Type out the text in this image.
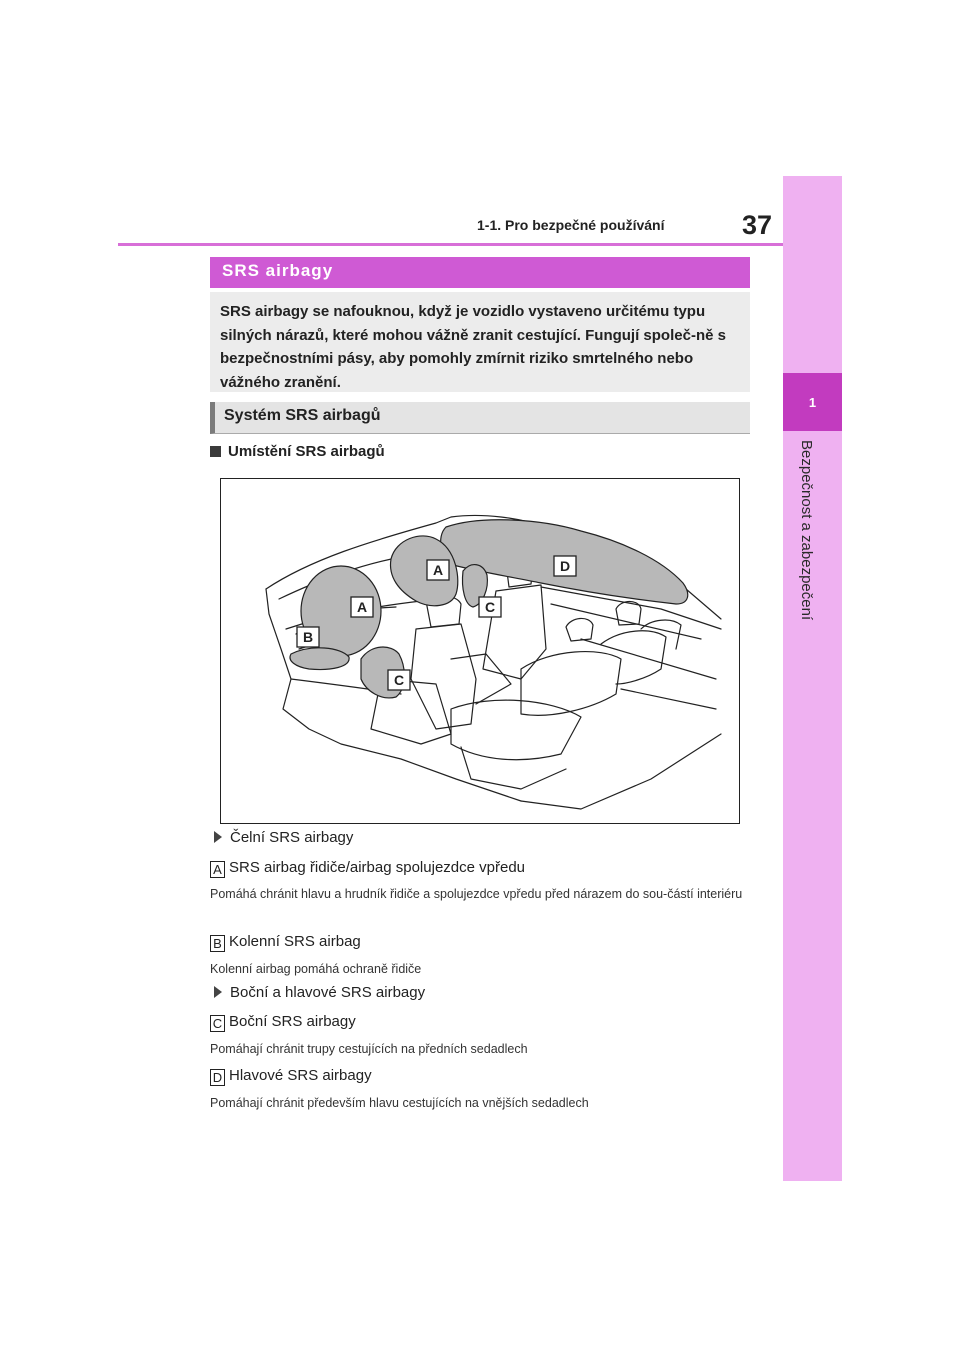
1
Bezpečnost a zabezpečení
1-1. Pro bezpečné používání	37
SRS airbagy

SRS airbagy se nafouknou, když je vozidlo vystaveno určitému typu silných nárazů, které mohou vážně zranit cestující. Fungují společ-ně s bezpečnostními pásy, aby pomohly zmírnit riziko smrtelného nebo vážného zranění.

Systém SRS airbagů
Umístění SRS airbagů
A
A
B
C
C
D
Čelní SRS airbagy
A SRS airbag řidiče/airbag spolujezdce vpředu
Pomáhá chránit hlavu a hrudník řidiče a spolujezdce vpředu před nárazem do sou-částí interiéru
B Kolenní SRS airbag
Kolenní airbag pomáhá ochraně řidiče
Boční a hlavové SRS airbagy
C Boční SRS airbagy
Pomáhají chránit trupy cestujících na předních sedadlech
D Hlavové SRS airbagy
Pomáhají chránit především hlavu cestujících na vnějších sedadlech
